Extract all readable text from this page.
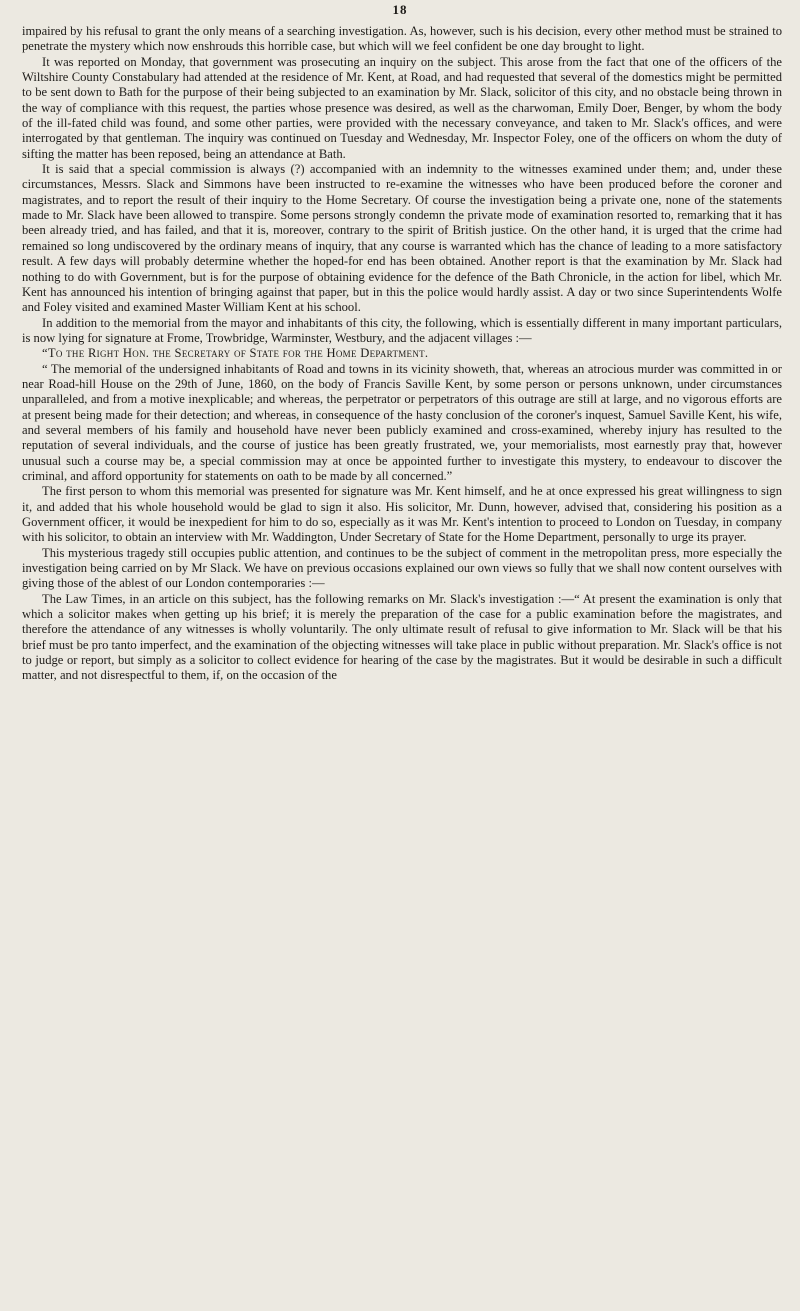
18

impaired by his refusal to grant the only means of a searching investigation. As, however, such is his decision, every other method must be strained to penetrate the mystery which now enshrouds this horrible case, but which will we feel confident be one day brought to light.

It was reported on Monday, that government was prosecuting an inquiry on the subject. This arose from the fact that one of the officers of the Wiltshire County Constabulary had attended at the residence of Mr. Kent, at Road, and had requested that several of the domestics might be permitted to be sent down to Bath for the purpose of their being subjected to an examination by Mr. Slack, solicitor of this city, and no obstacle being thrown in the way of compliance with this request, the parties whose presence was desired, as well as the charwoman, Emily Doer, Benger, by whom the body of the ill-fated child was found, and some other parties, were provided with the necessary conveyance, and taken to Mr. Slack's offices, and were interrogated by that gentleman. The inquiry was continued on Tuesday and Wednesday, Mr. Inspector Foley, one of the officers on whom the duty of sifting the matter has been reposed, being an attendance at Bath.

It is said that a special commission is always (?) accompanied with an indemnity to the witnesses examined under them; and, under these circumstances, Messrs. Slack and Simmons have been instructed to re-examine the witnesses who have been produced before the coroner and magistrates, and to report the result of their inquiry to the Home Secretary. Of course the investigation being a private one, none of the statements made to Mr. Slack have been allowed to transpire. Some persons strongly condemn the private mode of examination resorted to, remarking that it has been already tried, and has failed, and that it is, moreover, contrary to the spirit of British justice. On the other hand, it is urged that the crime had remained so long undiscovered by the ordinary means of inquiry, that any course is warranted which has the chance of leading to a more satisfactory result. A few days will probably determine whether the hoped-for end has been obtained. Another report is that the examination by Mr. Slack had nothing to do with Government, but is for the purpose of obtaining evidence for the defence of the Bath Chronicle, in the action for libel, which Mr. Kent has announced his intention of bringing against that paper, but in this the police would hardly assist. A day or two since Superintendents Wolfe and Foley visited and examined Master William Kent at his school.

In addition to the memorial from the mayor and inhabitants of this city, the following, which is essentially different in many important particulars, is now lying for signature at Frome, Trowbridge, Warminster, Westbury, and the adjacent villages :—

“To the Right Hon. the Secretary of State for the Home Department.

“ The memorial of the undersigned inhabitants of Road and towns in its vicinity showeth, that, whereas an atrocious murder was committed in or near Road-hill House on the 29th of June, 1860, on the body of Francis Saville Kent, by some person or persons unknown, under circumstances unparalleled, and from a motive inexplicable; and whereas, the perpetrator or perpetrators of this outrage are still at large, and no vigorous efforts are at present being made for their detection; and whereas, in consequence of the hasty conclusion of the coroner's inquest, Samuel Saville Kent, his wife, and several members of his family and household have never been publicly examined and cross-examined, whereby injury has resulted to the reputation of several individuals, and the course of justice has been greatly frustrated, we, your memorialists, most earnestly pray that, however unusual such a course may be, a special commission may at once be appointed further to investigate this mystery, to endeavour to discover the criminal, and afford opportunity for statements on oath to be made by all concerned.”

The first person to whom this memorial was presented for signature was Mr. Kent himself, and he at once expressed his great willingness to sign it, and added that his whole household would be glad to sign it also. His solicitor, Mr. Dunn, however, advised that, considering his position as a Government officer, it would be inexpedient for him to do so, especially as it was Mr. Kent's intention to proceed to London on Tuesday, in company with his solicitor, to obtain an interview with Mr. Waddington, Under Secretary of State for the Home Department, personally to urge its prayer.

This mysterious tragedy still occupies public attention, and continues to be the subject of comment in the metropolitan press, more especially the investigation being carried on by Mr Slack. We have on previous occasions explained our own views so fully that we shall now content ourselves with giving those of the ablest of our London contemporaries :—

The Law Times, in an article on this subject, has the following remarks on Mr. Slack's investigation :—“ At present the examination is only that which a solicitor makes when getting up his brief; it is merely the preparation of the case for a public examination before the magistrates, and therefore the attendance of any witnesses is wholly voluntarily. The only ultimate result of refusal to give information to Mr. Slack will be that his brief must be pro tanto imperfect, and the examination of the objecting witnesses will take place in public without preparation. Mr. Slack's office is not to judge or report, but simply as a solicitor to collect evidence for hearing of the case by the magistrates. But it would be desirable in such a difficult matter, and not disrespectful to them, if, on the occasion of the
